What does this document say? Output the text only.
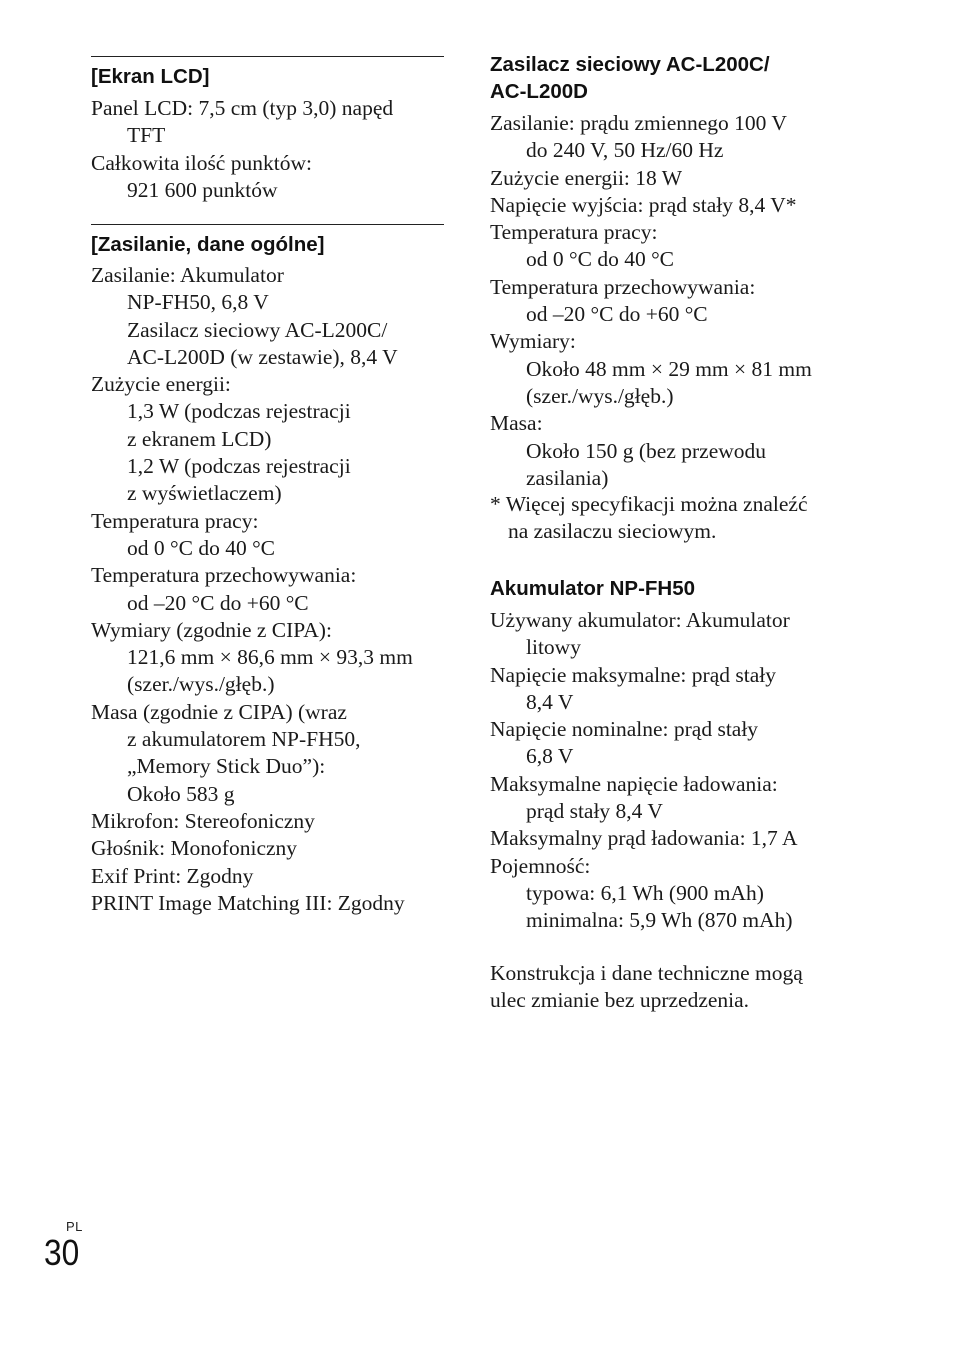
[Ekran LCD]
Panel LCD: 7,5 cm (typ 3,0) napęd
TFT
Całkowita ilość punktów:
921 600 punktów
[Zasilanie, dane ogólne]
Zasilanie: Akumulator
NP-FH50, 6,8 V
Zasilacz sieciowy AC-L200C/
AC-L200D (w zestawie), 8,4 V
Zużycie energii:
1,3 W (podczas rejestracji
z ekranem LCD)
1,2 W (podczas rejestracji
z wyświetlaczem)
Temperatura pracy:
od 0 °C do 40 °C
Temperatura przechowywania:
od –20 °C do +60 °C
Wymiary (zgodnie z CIPA):
121,6 mm × 86,6 mm × 93,3 mm
(szer./wys./głęb.)
Masa (zgodnie z CIPA) (wraz
z akumulatorem NP-FH50,
„Memory Stick Duo”):
Około 583 g
Mikrofon: Stereofoniczny
Głośnik: Monofoniczny
Exif Print: Zgodny
PRINT Image Matching III: Zgodny
Zasilacz sieciowy AC-L200C/
AC-L200D
Zasilanie: prądu zmiennego 100 V
do 240 V, 50 Hz/60 Hz
Zużycie energii: 18 W
Napięcie wyjścia: prąd stały 8,4 V*
Temperatura pracy:
od 0 °C do 40 °C
Temperatura przechowywania:
od –20 °C do +60 °C
Wymiary:
Około 48 mm × 29 mm × 81 mm
(szer./wys./głęb.)
Masa:
Około 150 g (bez przewodu
zasilania)
* Więcej specyfikacji można znaleźć
na zasilaczu sieciowym.
Akumulator NP-FH50
Używany akumulator: Akumulator
litowy
Napięcie maksymalne: prąd stały
8,4 V
Napięcie nominalne: prąd stały
6,8 V
Maksymalne napięcie ładowania:
prąd stały 8,4 V
Maksymalny prąd ładowania: 1,7 A
Pojemność:
typowa: 6,1 Wh (900 mAh)
minimalna: 5,9 Wh (870 mAh)
Konstrukcja i dane techniczne mogą
ulec zmianie bez uprzedzenia.
PL
30
